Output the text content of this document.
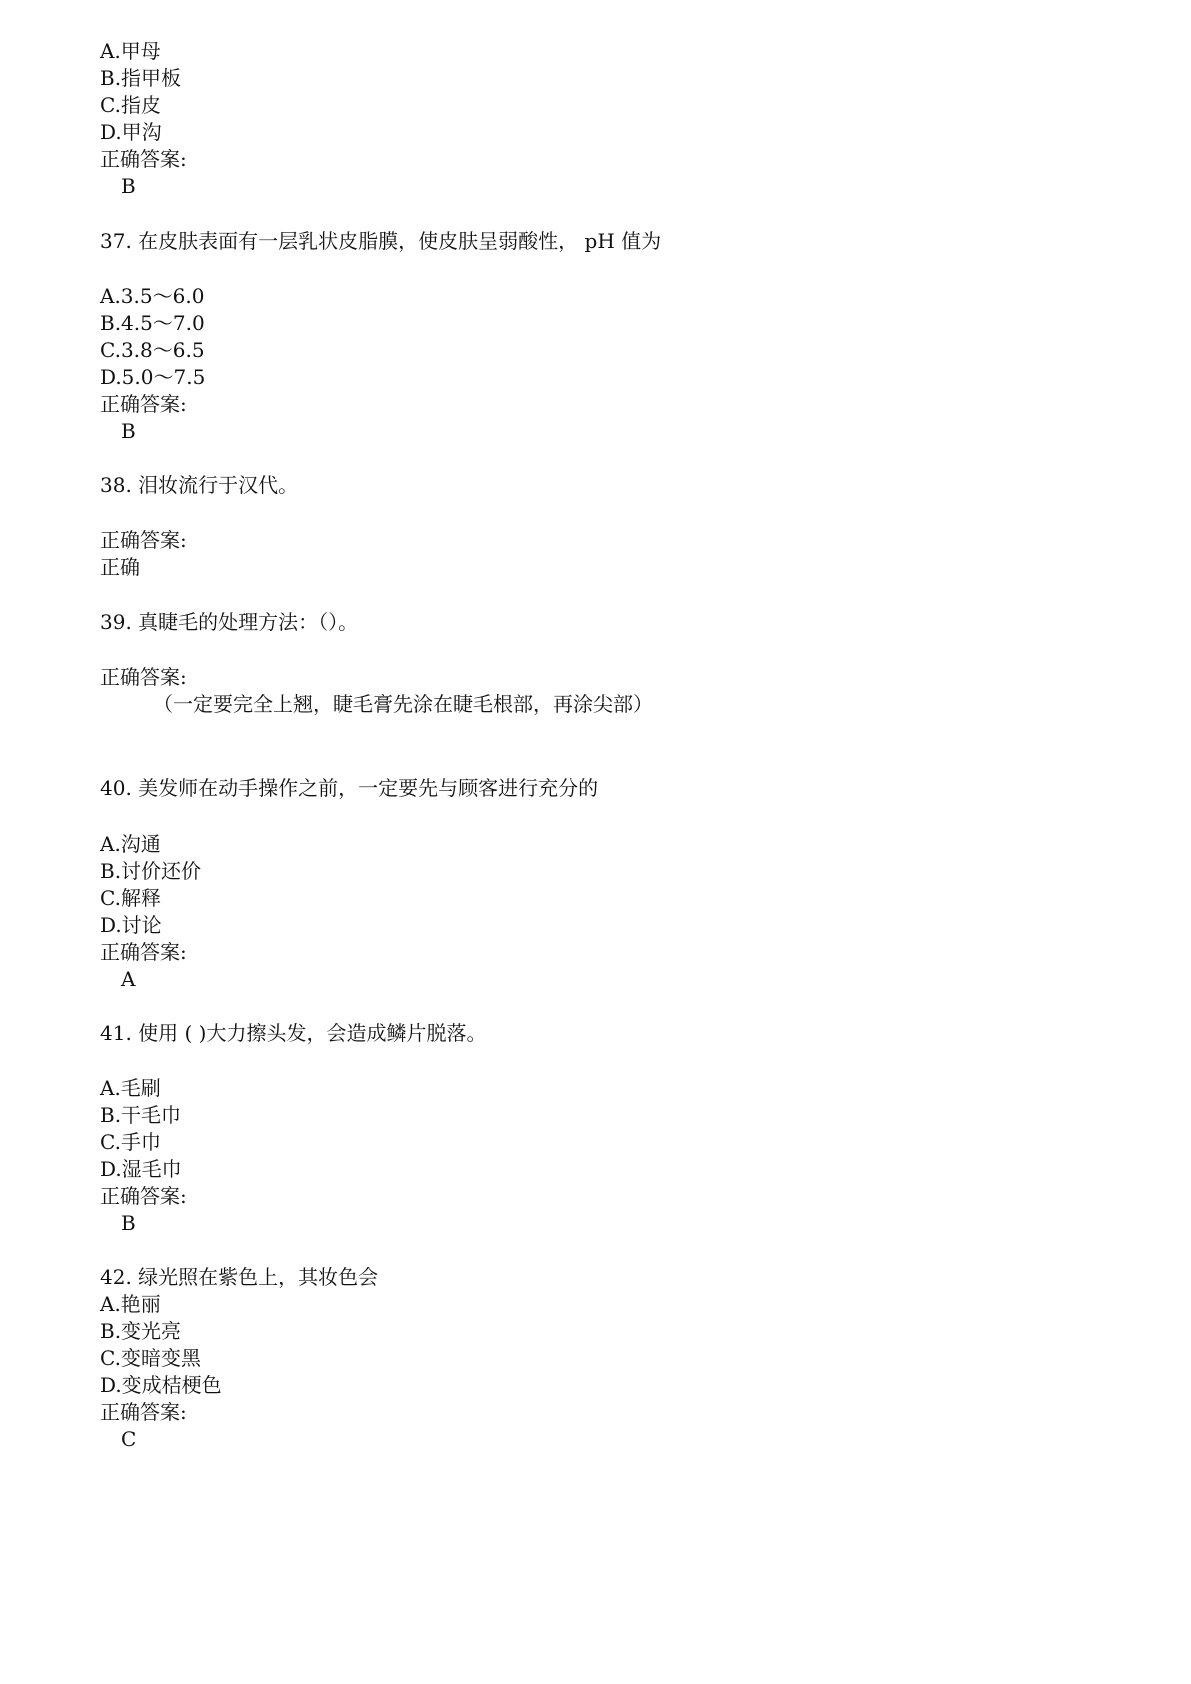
A.甲母
B.指甲板
C.指皮
D.甲沟
正确答案:
B
37. 在皮肤表面有一层乳状皮脂膜，使皮肤呈弱酸性， pH 值为
A.3.5～6.0
B.4.5～7.0
C.3.8～6.5
D.5.0～7.5
正确答案:
B
38. 泪妆流行于汉代。
正确答案:
正确
39. 真睫毛的处理方法：（）。
正确答案:
（一定要完全上翘，睫毛膏先涂在睫毛根部，再涂尖部）
40. 美发师在动手操作之前，一定要先与顾客进行充分的
A.沟通
B.讨价还价
C.解释
D.讨论
正确答案:
A
41. 使用 ( )大力擦头发，会造成鳞片脱落。
A.毛刷
B.干毛巾
C.手巾
D.湿毛巾
正确答案:
B
42. 绿光照在紫色上，其妆色会
A.艳丽
B.变光亮
C.变暗变黑
D.变成桔梗色
正确答案:
C
